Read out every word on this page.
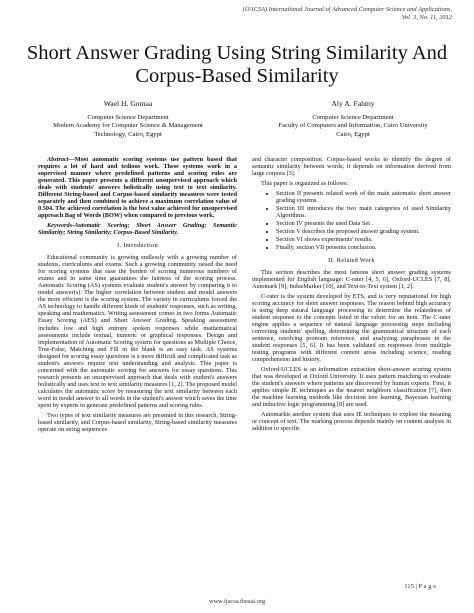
(IJACSA) International Journal of Advanced Computer Science and Applications,
Vol. 3, No. 11, 2012
Short Answer Grading Using String Similarity And
Corpus-Based Similarity
Wael H. Gomaa
Computer Science Department
Modern Academy for Computer Science & Management
Technology, Cairo, Egypt
Aly A. Fahmy
Computer Science Department
Faculty of Computers and Information, Cairo University
Cairo, Egypt

Abstract—Most automatic scoring systems use pattern based that requires a lot of hard and tedious work. These systems work in a supervised manner where predefined patterns and scoring rules are generated. This paper presents a different unsupervised approach which deals with students' answers holistically using text to text similarity. Different String-based and Corpus-based similarity measures were tested separately and then combined to achieve a maximum correlation value of 0.504. The achieved correlation is the best value achieved for unsupervised approach Bag of Words (BOW) when compared to previous work.

Keywords-Automatic Scoring; Short Answer Grading; Semantic Similarity; String Similarity; Corpus-Based Similarity.

I. Introduction

Educational community is growing endlessly with a growing number of students, curriculums and exams. Such a growing community raised the need for scoring systems that ease the burden of scoring numerous numbers of exams and in same time guarantees the fairness of the scoring process. Automatic Scoring (AS) systems evaluate student's answer by comparing it to model answer(s). The higher correlation between student and model answers the more efficient is the scoring system. The variety in curriculums forced the AS technology to handle different kinds of students' responses, such as writing, speaking and mathematics. Writing assessment comes in two forms Automatic Essay Scoring (AES) and Short Answer Grading. Speaking assessment includes low and high entropy spoken responses while mathematical assessments include textual, numeric or graphical responses. Design and implementation of Automatic Scoring system for questions as Multiple Choice, True-False, Matching and Fill in the blank is an easy task. AS systems designed for scoring essay questions is a more difficult and complicated task as student's answers require text understanding and analysis. This paper is concerned with the automatic scoring for answers for essay questions. This research presents an unsupervised approach that deals with student's answers holistically and uses text to text similarity measures [1, 2]. The proposed model calculates the automatic score by measuring the text similarity between each word in model answer to all words in the student's answer which saves the time spent by experts to generate predefined patterns and scoring rules.

Two types of text similarity measures are presented in this research, String-based similarity, and Corpus-based similarity, String-based similarity measures operate on string sequences

and character composition. Corpus-based works to identify the degree of semantic similarity between words; it depends on information derived from large corpora [3].

This paper is organized as follows:

• Section II presents related work of the main automatic short answer grading systems.
• Section III introduces the two main categories of used Similarity Algorithms.
• Section IV presents the used Data Set .
• Section V describes the proposed answer grading system.
• Section VI shows experiments' results.
• Finally, section VII presents conclusion.
II. Related Work

This section describes the most famous short answer grading systems implemented for English language: C-rater [4, 5, 6], Oxford-UCLES [7, 8], Automark [9], IndusMarker [10], and Text-to-Text system [1, 2].

C-rater is the system developed by ETS, and is very reputational for high scoring accuracy for short answer responses. The reason behind high accuracy is using deep natural language processing to determine the relatedness of student response to the concepts listed in the rubric for an item. The C-rater engine applies a sequence of natural language processing steps including correcting students' spelling, determining the grammatical structure of each sentence, resolving pronoun reference, and analyzing paraphrases in the student responses [5, 6]. It has been validated on responses from multiple testing programs with different content areas including science, reading comprehension and history.

Oxford-UCLES is an information extraction short-answer scoring system that was developed at Oxford University. It uses pattern matching to evaluate the student's answers where patterns are discovered by human experts. First, it applies simple IE techniques as the nearest neighbors classification [7], then the machine learning methods like decision tree learning, Bayesian learning and inductive logic programming [8] are used.

Automarkis another system that uses IE techniques to explore the meaning or concept of text. The marking process depends mainly on content analysis in addition to specific

115 | P a g e
www.ijacsa.thesai.org
